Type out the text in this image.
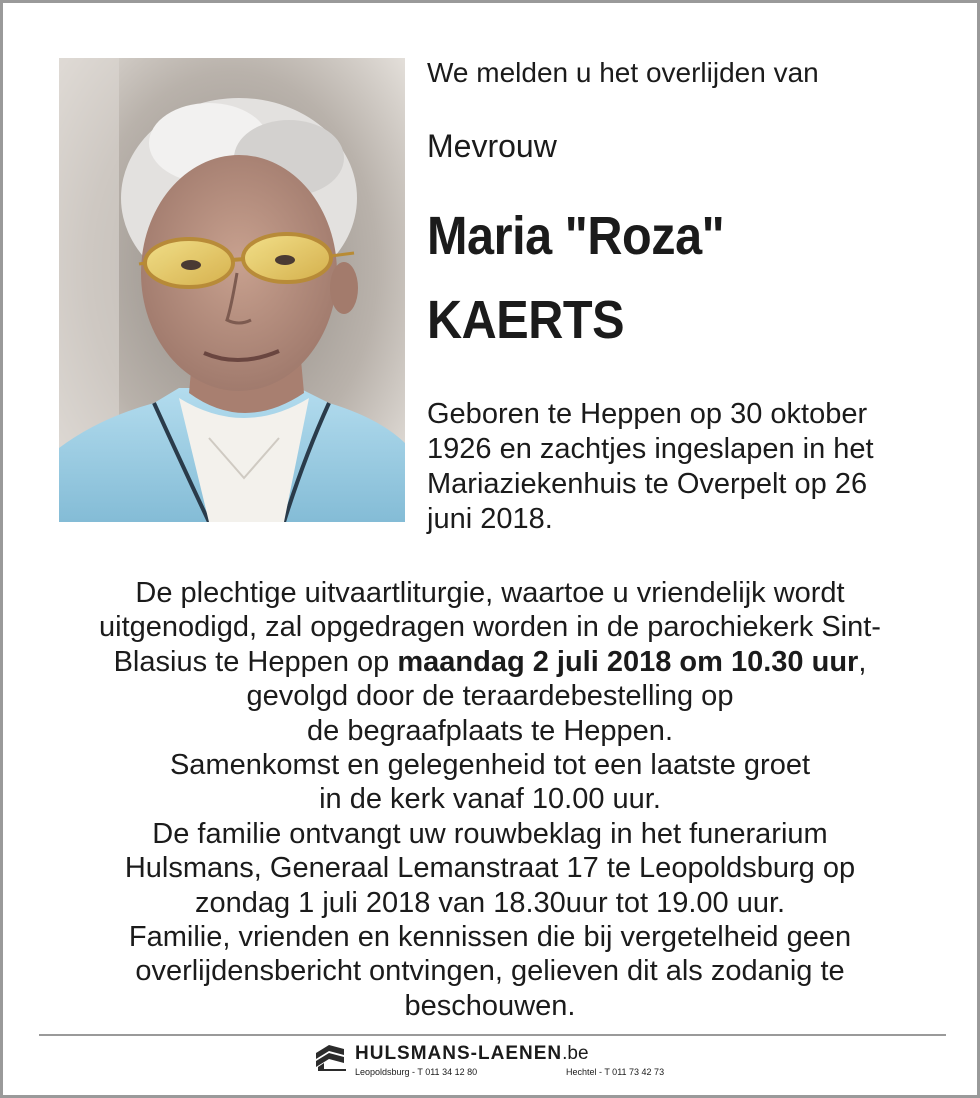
We melden u het overlijden van
Mevrouw
Maria "Roza"
KAERTS
Geboren te Heppen op 30 oktober
1926 en zachtjes ingeslapen in het
Mariaziekenhuis te Overpelt op 26
juni 2018.
De plechtige uitvaartliturgie, waartoe u vriendelijk wordt
uitgenodigd, zal opgedragen worden in de parochiekerk Sint-
Blasius te Heppen op maandag 2 juli 2018 om 10.30 uur,
gevolgd door de teraardebestelling op
de begraafplaats te Heppen.
Samenkomst en gelegenheid tot een laatste groet
in de kerk vanaf 10.00 uur.
De familie ontvangt uw rouwbeklag in het funerarium
Hulsmans, Generaal Lemanstraat 17 te Leopoldsburg op
zondag 1 juli 2018 van 18.30uur tot 19.00 uur.
Familie, vrienden en kennissen die bij vergetelheid geen
overlijdensbericht ontvingen, gelieven dit als zodanig te
beschouwen.
HULSMANS-LAENEN.be
Leopoldsburg - T 011 34 12 80	Hechtel - T 011 73 42 73
